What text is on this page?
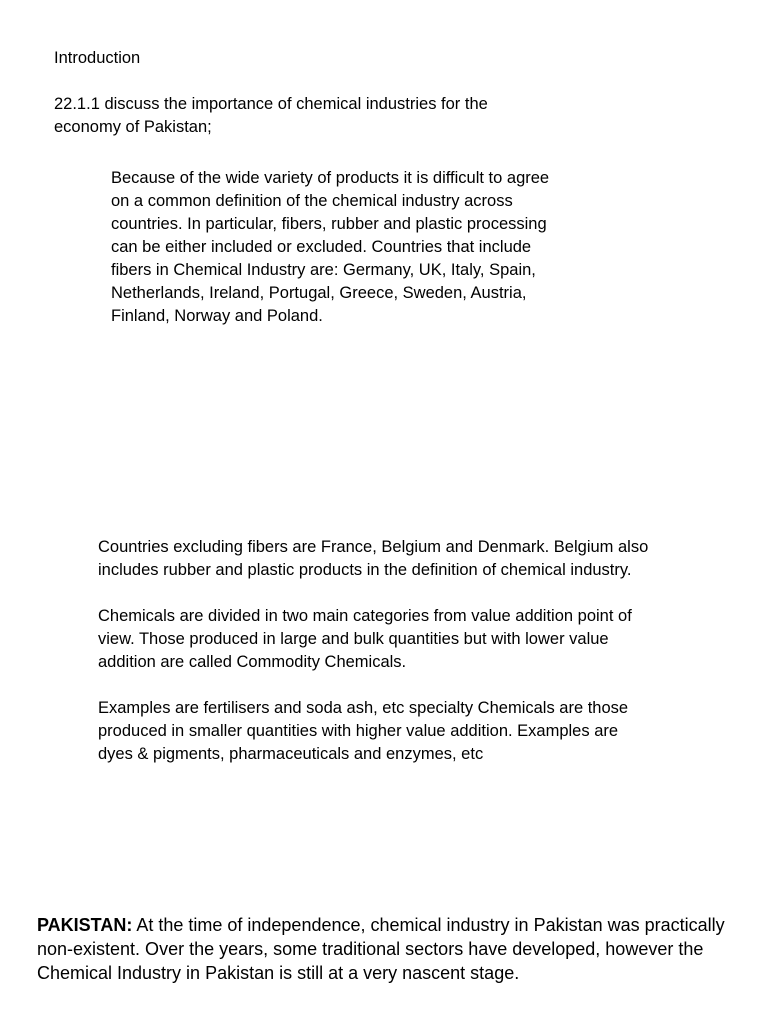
Introduction

22.1.1 discuss the importance of chemical industries for the
economy of Pakistan;

Because of the wide variety of products it is difficult to agree
on a common definition of the chemical industry across
countries. In particular, fibers, rubber and plastic processing
can be either included or excluded. Countries that include
fibers in Chemical Industry are: Germany, UK, Italy, Spain,
Netherlands, Ireland, Portugal, Greece, Sweden, Austria,
Finland, Norway and Poland.

Countries excluding fibers are France, Belgium and Denmark. Belgium also
includes rubber and plastic products in the definition of chemical industry.

Chemicals are divided in two main categories from value addition point of
view. Those produced in large and bulk quantities but with lower value
addition are called Commodity Chemicals.

Examples are fertilisers and soda ash, etc specialty Chemicals are those
produced in smaller quantities with higher value addition. Examples are
dyes & pigments, pharmaceuticals and enzymes, etc

PAKISTAN: At the time of independence, chemical industry in Pakistan was practically non-existent. Over the years, some traditional sectors have developed, however the Chemical Industry in Pakistan is still at a very nascent stage.
